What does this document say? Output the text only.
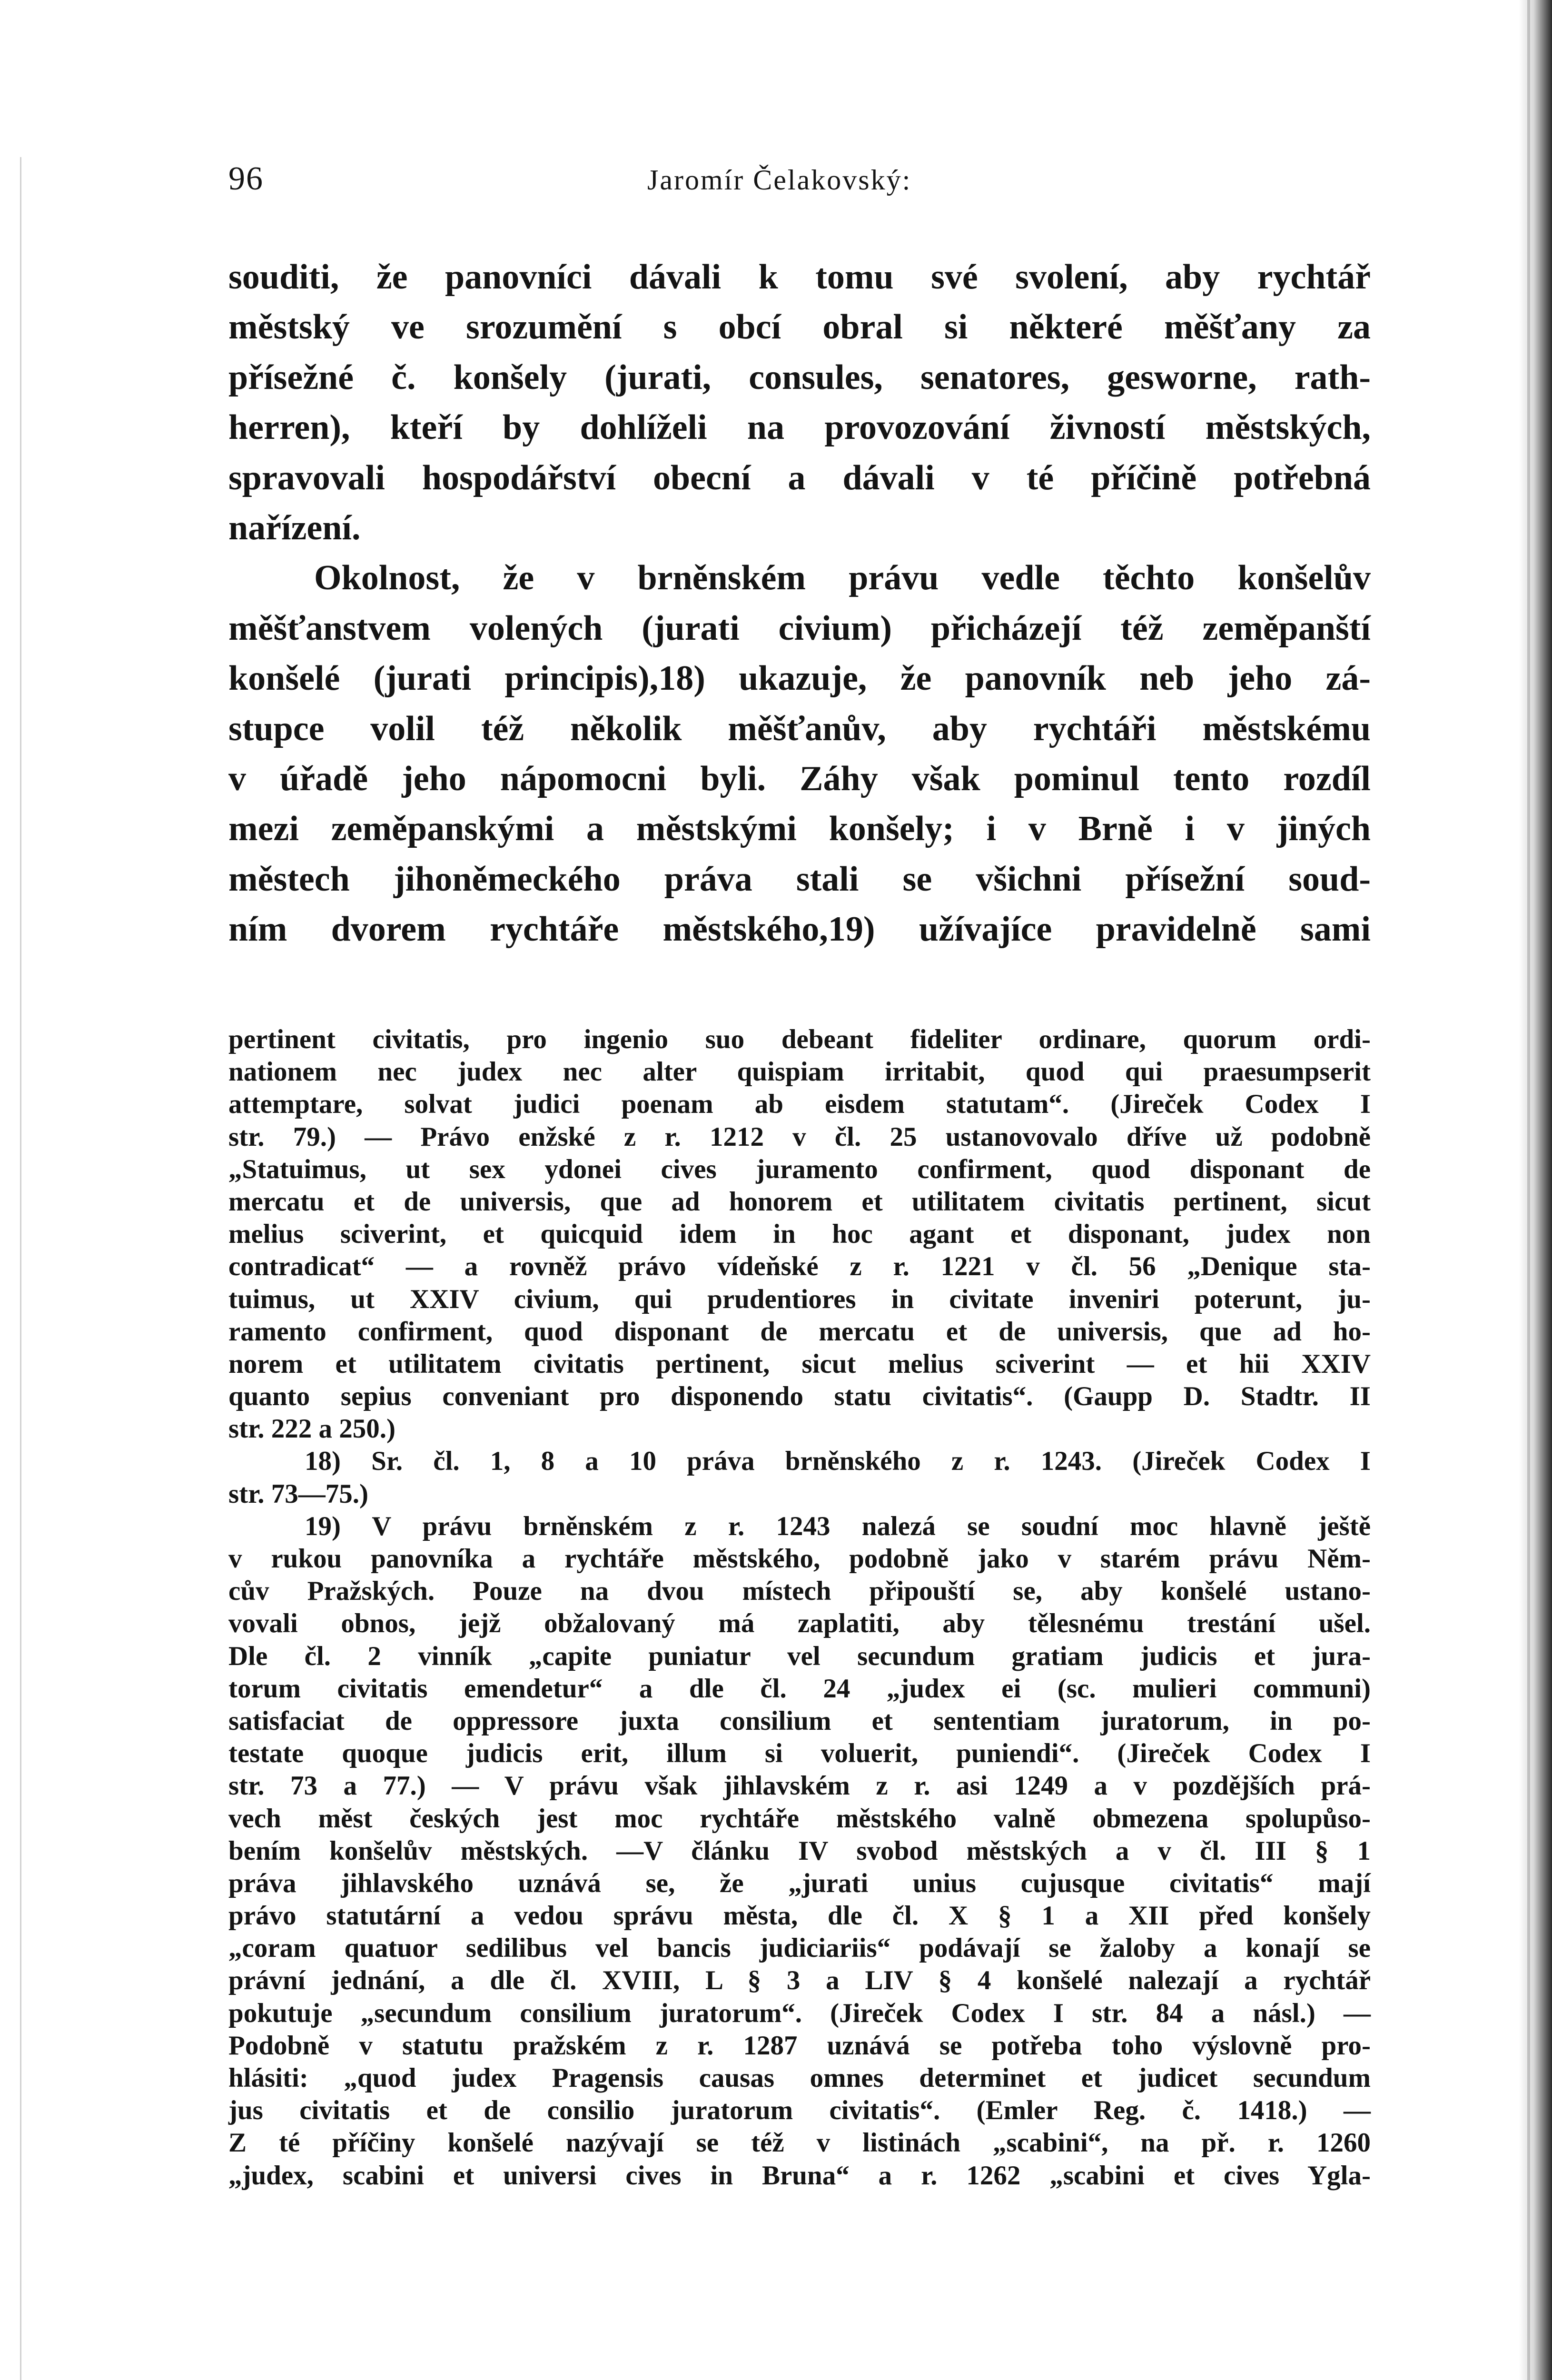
96	Jaromír Čelakovský:
souditi, že panovníci dávali k tomu své svolení, aby rychtář
městský ve srozumění s obcí obral si některé měšťany za
přísežné č. konšely (jurati, consules, senatores, gesworne, rath-
herren), kteří by dohlíželi na provozování živností městských,
spravovali hospodářství obecní a dávali v té příčině potřebná
nařízení.
Okolnost, že v brněnském právu vedle těchto konšelův
měšťanstvem volených (jurati civium) přicházejí též zeměpanští
konšelé (jurati principis),18) ukazuje, že panovník neb jeho zá-
stupce volil též několik měšťanův, aby rychtáři městskému
v úřadě jeho nápomocni byli. Záhy však pominul tento rozdíl
mezi zeměpanskými a městskými konšely; i v Brně i v jiných
městech jihoněmeckého práva stali se všichni přísežní soud-
ním dvorem rychtáře městského,19) užívajíce pravidelně sami
pertinent civitatis, pro ingenio suo debeant fideliter ordinare, quorum ordi-
nationem nec judex nec alter quispiam irritabit, quod qui praesumpserit
attemptare, solvat judici poenam ab eisdem statutam“. (Jireček Codex I
str. 79.) — Právo enžské z r. 1212 v čl. 25 ustanovovalo dříve už podobně
„Statuimus, ut sex ydonei cives juramento confirment, quod disponant de
mercatu et de universis, que ad honorem et utilitatem civitatis pertinent, sicut
melius sciverint, et quicquid idem in hoc agant et disponant, judex non
contradicat“ — a rovněž právo vídeňské z r. 1221 v čl. 56 „Denique sta-
tuimus, ut XXIV civium, qui prudentiores in civitate inveniri poterunt, ju-
ramento confirment, quod disponant de mercatu et de universis, que ad ho-
norem et utilitatem civitatis pertinent, sicut melius sciverint — et hii XXIV
quanto sepius conveniant pro disponendo statu civitatis“. (Gaupp D. Stadtr. II
str. 222 a 250.)
18) Sr. čl. 1, 8 a 10 práva brněnského z r. 1243. (Jireček Codex I
str. 73—75.)
19) V právu brněnském z r. 1243 nalezá se soudní moc hlavně ještě
v rukou panovníka a rychtáře městského, podobně jako v starém právu Něm-
cův Pražských. Pouze na dvou místech připouští se, aby konšelé ustano-
vovali obnos, jejž obžalovaný má zaplatiti, aby tělesnému trestání ušel.
Dle čl. 2 vinník „capite puniatur vel secundum gratiam judicis et jura-
torum civitatis emendetur“ a dle čl. 24 „judex ei (sc. mulieri communi)
satisfaciat de oppressore juxta consilium et sententiam juratorum, in po-
testate quoque judicis erit, illum si voluerit, puniendi“. (Jireček Codex I
str. 73 a 77.) — V právu však jihlavském z r. asi 1249 a v pozdějších prá-
vech měst českých jest moc rychtáře městského valně obmezena spolupůso-
bením konšelův městských. —V článku IV svobod městských a v čl. III § 1
práva jihlavského uznává se, že „jurati unius cujusque civitatis“ mají
právo statutární a vedou správu města, dle čl. X § 1 a XII před konšely
„coram quatuor sedilibus vel bancis judiciariis“ podávají se žaloby a konají se
právní jednání, a dle čl. XVIII, L § 3 a LIV § 4 konšelé nalezají a rychtář
pokutuje „secundum consilium juratorum“. (Jireček Codex I str. 84 a násl.) —
Podobně v statutu pražském z r. 1287 uznává se potřeba toho výslovně pro-
hlásiti: „quod judex Pragensis causas omnes determinet et judicet secundum
jus civitatis et de consilio juratorum civitatis“. (Emler Reg. č. 1418.) —
Z té příčiny konšelé nazývají se též v listinách „scabini“, na př. r. 1260
„judex, scabini et universi cives in Bruna“ a r. 1262 „scabini et cives Ygla-
